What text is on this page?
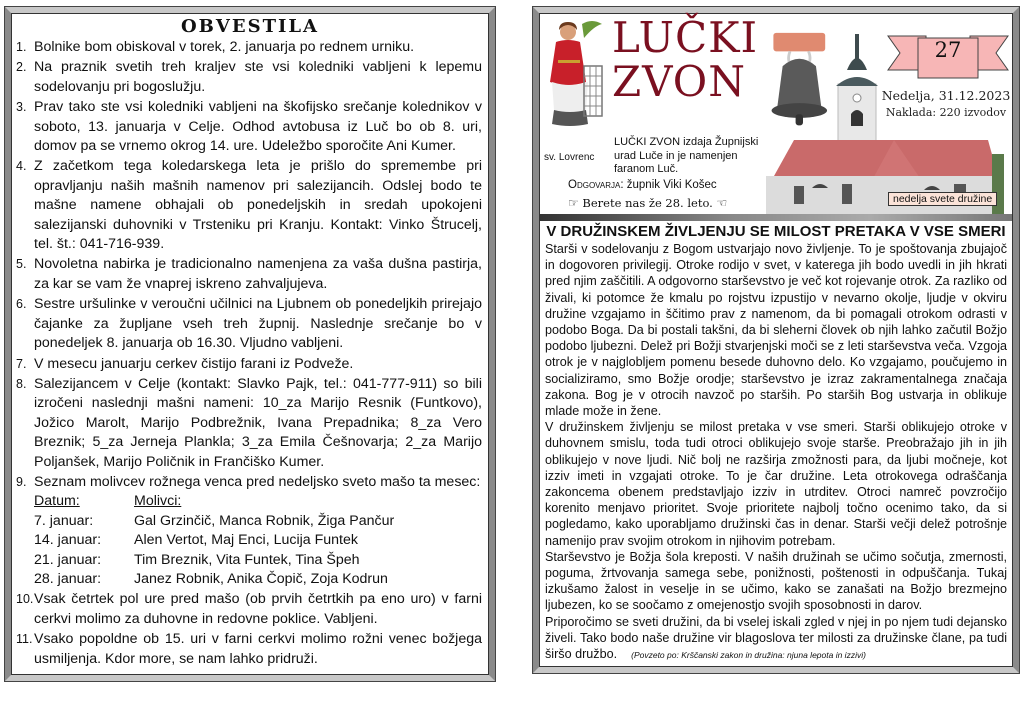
OBVESTILA
1. Bolnike bom obiskoval v torek, 2. januarja po rednem urniku.
2. Na praznik svetih treh kraljev ste vsi koledniki vabljeni k lepemu sodelovanju pri bogoslužju.
3. Prav tako ste vsi koledniki vabljeni na škofijsko srečanje kolednikov v soboto, 13. januarja v Celje. Odhod avtobusa iz Luč bo ob 8. uri, domov pa se vrnemo okrog 14. ure. Udeležbo sporočite Ani Kumer.
4. Z začetkom tega koledarskega leta je prišlo do spremembe pri opravljanju naših mašnih namenov pri salezijancih. Odslej bodo te mašne namene obhajali ob ponedeljskih in sredah upokojeni salezijanski duhovniki v Trsteniku pri Kranju. Kontakt: Vinko Štrucelj, tel. št.: 041-716-939.
5. Novoletna nabirka je tradicionalno namenjena za vaša dušna pastirja, za kar se vam že vnaprej iskreno zahvaljujeva.
6. Sestre uršulinke v veroučni učilnici na Ljubnem ob ponedeljkih prirejajo čajanke za župljane vseh treh župnij. Naslednje srečanje bo v ponedeljek 8. januarja ob 16.30. Vljudno vabljeni.
7. V mesecu januarju cerkev čistijo farani iz Podveže.
8. Salezijancem v Celje (kontakt: Slavko Pajk, tel.: 041-777-911) so bili izročeni naslednji mašni nameni: 10_za Marijo Resnik (Funtkovo), Jožico Marolt, Marijo Podbrežnik, Ivana Prepadnika; 8_za Vero Breznik; 5_za Jerneja Plankla; 3_za Emila Češnovarja; 2_za Marijo Poljanšek, Marijo Poličnik in Frančiško Kumer.
9. Seznam molivcev rožnega venca pred nedeljsko sveto mašo ta mesec:
Datum:	Molivci:
7. januar:	Gal Grzinčič, Manca Robnik, Žiga Pančur
14. januar:	Alen Vertot, Maj Enci, Lucija Funtek
21. januar:	Tim Breznik, Vita Funtek, Tina Špeh
28. januar:	Janez Robnik, Anika Čopič, Zoja Kodrun
10. Vsak četrtek pol ure pred mašo (ob prvih četrtkih pa eno uro) v farni cerkvi molimo za duhovne in redovne poklice. Vabljeni.
11. Vsako popoldne ob 15. uri v farni cerkvi molimo rožni venec božjega usmiljenja. Kdor more, se nam lahko pridruži.
sv. Lovrenc
LUČKI
ZVON
LUČKI ZVON izdaja Župnijski urad Luče in je namenjen faranom Luč.
Odgovarja: župnik Viki Košec
☞ Berete nas že 28. leto. ☜
27
Nedelja, 31.12.2023
Naklada: 220 izvodov
nedelja svete družine
V DRUŽINSKEM ŽIVLJENJU SE MILOST PRETAKA V VSE SMERI

Starši v sodelovanju z Bogom ustvarjajo novo življenje. To je spoštovanja zbujajoč in dogovoren privilegij. Otroke rodijo v svet, v katerega jih bodo uvedli in jih hkrati pred njim zaščitili. A odgovorno starševstvo je več kot rojevanje otrok. Za razliko od živali, ki potomce že kmalu po rojstvu izpustijo v nevarno okolje, ljudje v okviru družine vzgajamo in ščitimo prav z namenom, da bi pomagali otrokom odrasti v podobo Boga. Da bi postali takšni, da bi sleherni človek ob njih lahko začutil Božjo podobo ljubezni. Delež pri Božji stvarjenjski moči se z leti starševstva veča. Vzgoja otrok je v najglobljem pomenu besede duhovno delo. Ko vzgajamo, poučujemo in socializiramo, smo Božje orodje; starševstvo je izraz zakramentalnega značaja zakona. Bog je v otrocih navzoč po starših. Po starših Bog ustvarja in oblikuje mlade može in žene.

V družinskem življenju se milost pretaka v vse smeri. Starši oblikujejo otroke v duhovnem smislu, toda tudi otroci oblikujejo svoje starše. Preobražajo jih in jih oblikujejo v nove ljudi. Nič bolj ne razširja zmožnosti para, da ljubi močneje, kot izziv imeti in vzgajati otroke. To je čar družine. Leta otrokovega odraščanja zakoncema obenem predstavljajo izziv in utrditev. Otroci namreč povzročijo korenito menjavo prioritet. Svoje prioritete najbolj točno ocenimo tako, da si pogledamo, kako uporabljamo družinski čas in denar. Starši večji delež potrošnje namenijo prav svojim otrokom in njihovim potrebam.

Starševstvo je Božja šola kreposti. V naših družinah se učimo sočutja, zmernosti, poguma, žrtvovanja samega sebe, ponižnosti, poštenosti in odpuščanja. Tukaj izkušamo žalost in veselje in se učimo, kako se zanašati na Božjo brezmejno ljubezen, ko se soočamo z omejenostjo svojih sposobnosti in darov.

Priporočimo se sveti družini, da bi vselej iskali zgled v njej in po njem tudi dejansko živeli. Tako bodo naše družine vir blagoslova ter milosti za družinske člane, pa tudi širšo družbo. (Povzeto po: Krščanski zakon in družina: njuna lepota in izzivi)
